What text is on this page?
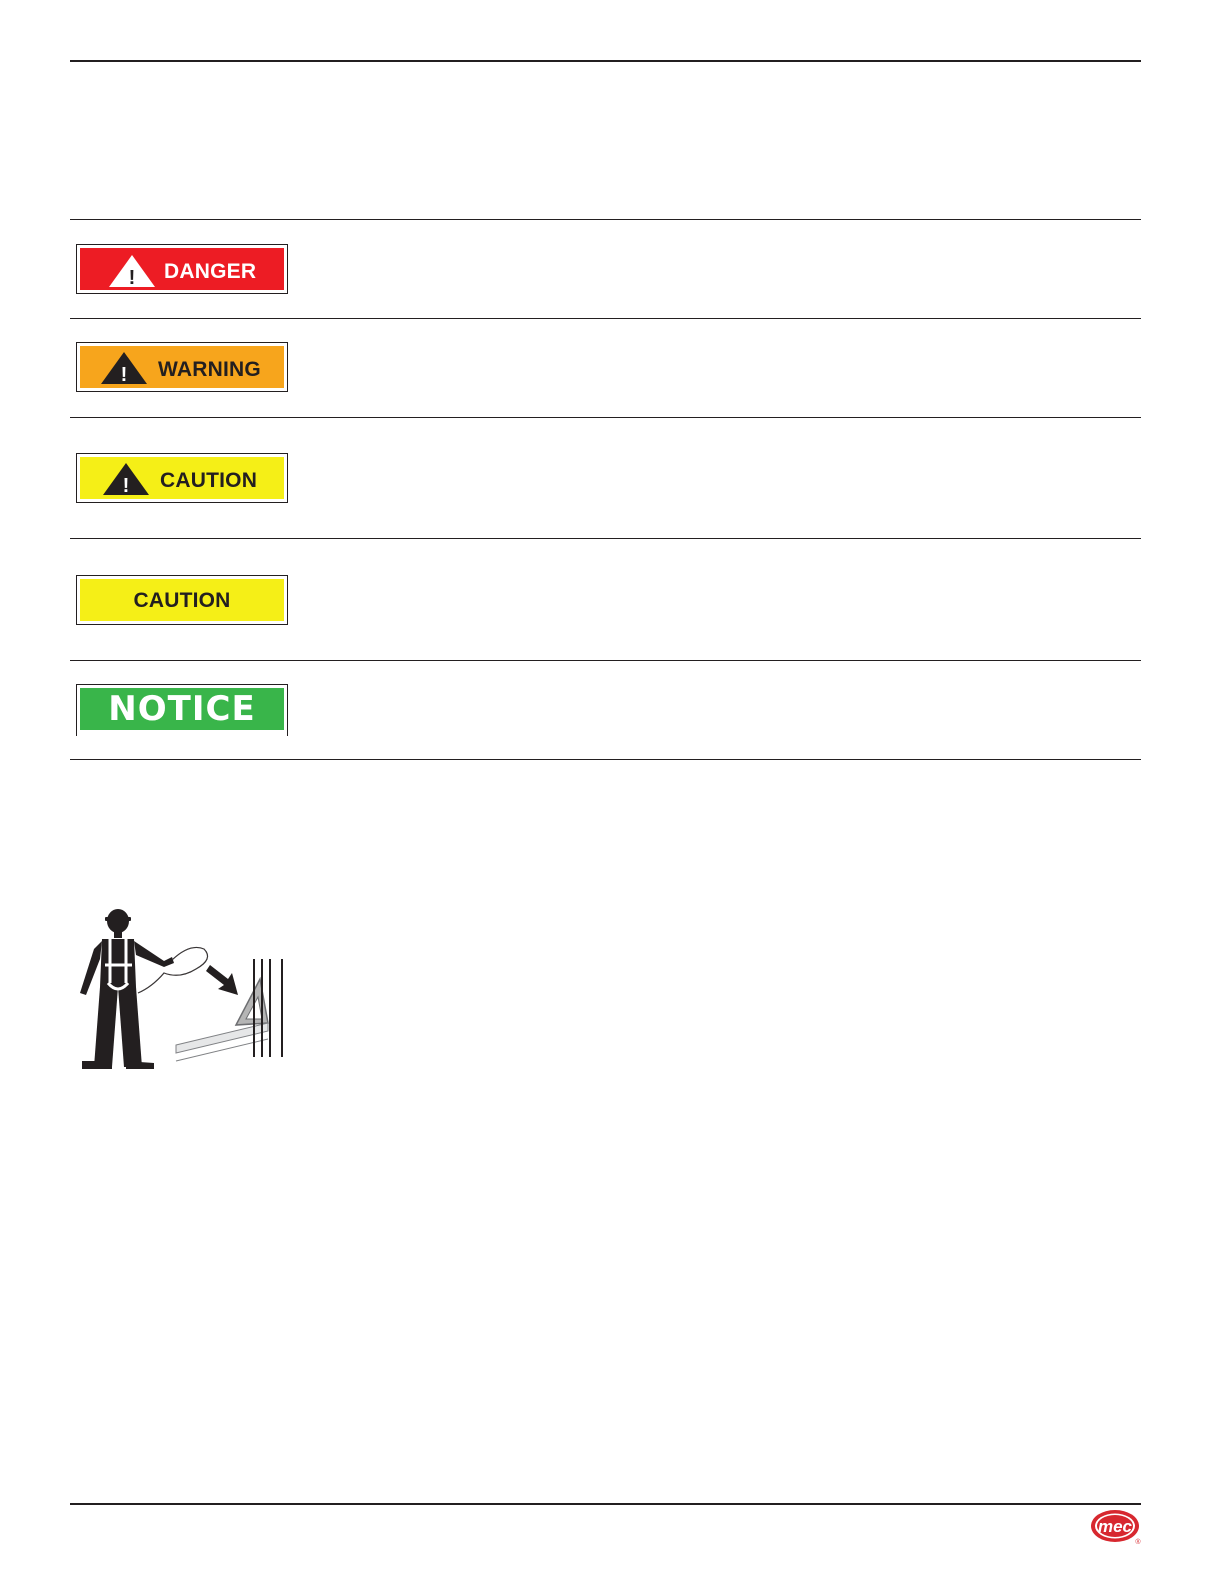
! DANGER
! WARNING
! CAUTION
CAUTION
NOTICE
mec
®
